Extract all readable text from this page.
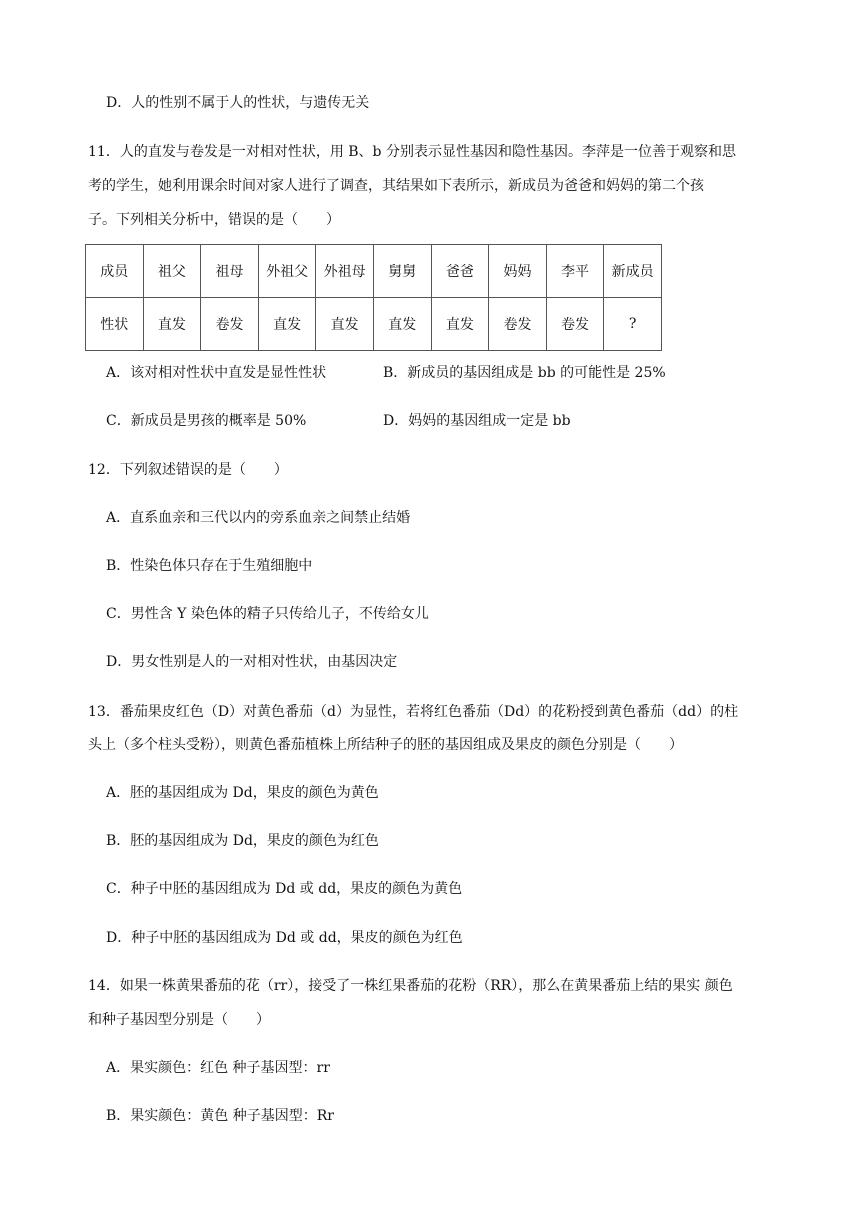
D．人的性别不属于人的性状，与遗传无关
11．人的直发与卷发是一对相对性状，用 B、b 分别表示显性基因和隐性基因。李萍是一位善于观察和思
考的学生，她利用课余时间对家人进行了调查，其结果如下表所示，新成员为爸爸和妈妈的第二个孩
子。下列相关分析中，错误的是（　　）
成员	祖父	祖母	外祖父	外祖母	舅舅	爸爸	妈妈	李平	新成员
性状	直发	卷发	直发	直发	直发	直发	卷发	卷发	?
A．该对相对性状中直发是显性性状	B．新成员的基因组成是 bb 的可能性是 25%
C．新成员是男孩的概率是 50%	D．妈妈的基因组成一定是 bb
12．下列叙述错误的是（　　）
A．直系血亲和三代以内的旁系血亲之间禁止结婚
B．性染色体只存在于生殖细胞中
C．男性含 Y 染色体的精子只传给儿子，不传给女儿
D．男女性别是人的一对相对性状，由基因决定
13．番茄果皮红色（D）对黄色番茄（d）为显性，若将红色番茄（Dd）的花粉授到黄色番茄（dd）的柱
头上（多个柱头受粉），则黄色番茄植株上所结种子的胚的基因组成及果皮的颜色分别是（　　）
A．胚的基因组成为 Dd，果皮的颜色为黄色
B．胚的基因组成为 Dd，果皮的颜色为红色
C．种子中胚的基因组成为 Dd 或 dd，果皮的颜色为黄色
D．种子中胚的基因组成为 Dd 或 dd，果皮的颜色为红色
14．如果一株黄果番茄的花（rr），接受了一株红果番茄的花粉（RR），那么在黄果番茄上结的果实 颜色
和种子基因型分别是（　　）
A．果实颜色：红色 种子基因型：rr
B．果实颜色：黄色 种子基因型：Rr
